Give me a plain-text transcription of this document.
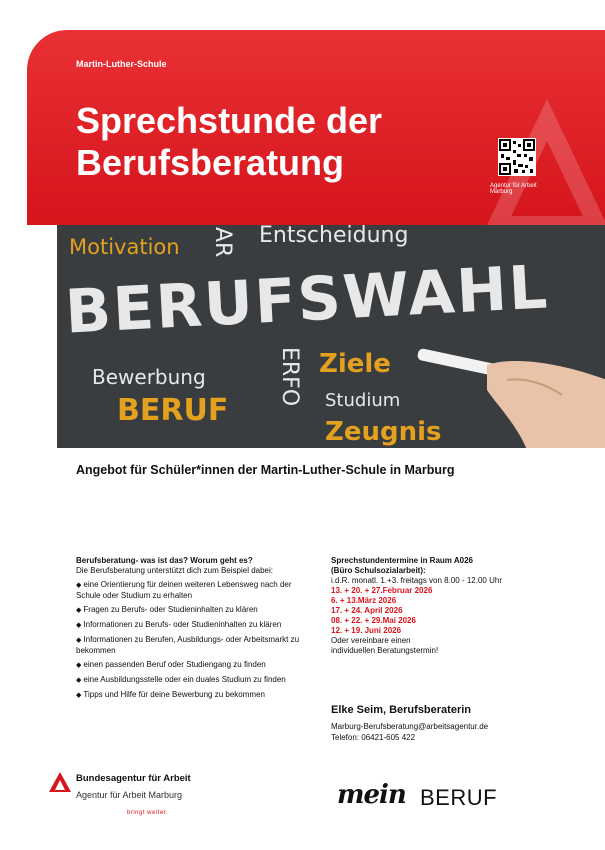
Martin-Luther-Schule
Sprechstunde der
Berufsberatung
Agentur für Arbeit Marburg
Motivation AR Entscheidung
BERUFSWAHL
Bewerbung	ERFO Ziele
BERUF	Studium
Zeugnis
Angebot für Schüler*innen der Martin-Luther-Schule in Marburg
Berufsberatung- was ist das? Worum geht es?
Die Berufsberatung unterstützt dich zum Beispiel dabei:
◆ eine Orientierung für deinen weiteren Lebensweg nach der Schule oder Studium zu erhalten
◆ Fragen zu Berufs- oder Studieninhalten zu klären
◆ Informationen zu Berufs- oder Studieninhalten zu klären
◆ Informationen zu Berufen, Ausbildungs- oder Arbeitsmarkt zu bekommen
◆ einen passenden Beruf oder Studiengang zu finden
◆ eine Ausbildungsstelle oder ein duales Studium zu finden
◆ Tipps und Hilfe für deine Bewerbung zu bekommen
Sprechstundentermine in Raum A026
(Büro Schulsozialarbeit):
i.d.R. monatl. 1.+3. freitags von 8.00 - 12.00 Uhr
13. + 20. + 27.Februar 2026
6. + 13.März 2026
17. + 24. April 2026
08. + 22. + 29.Mai 2026
12. + 19. Juni 2026
Oder vereinbare einen
individuellen Beratungstermin!
Elke Seim, Berufsberaterin
Marburg-Berufsberatung@arbeitsagentur.de
Telefon: 06421-605 422
Bundesagentur für Arbeit
Agentur für Arbeit Marburg
bringt weiter.
mein BERUF
